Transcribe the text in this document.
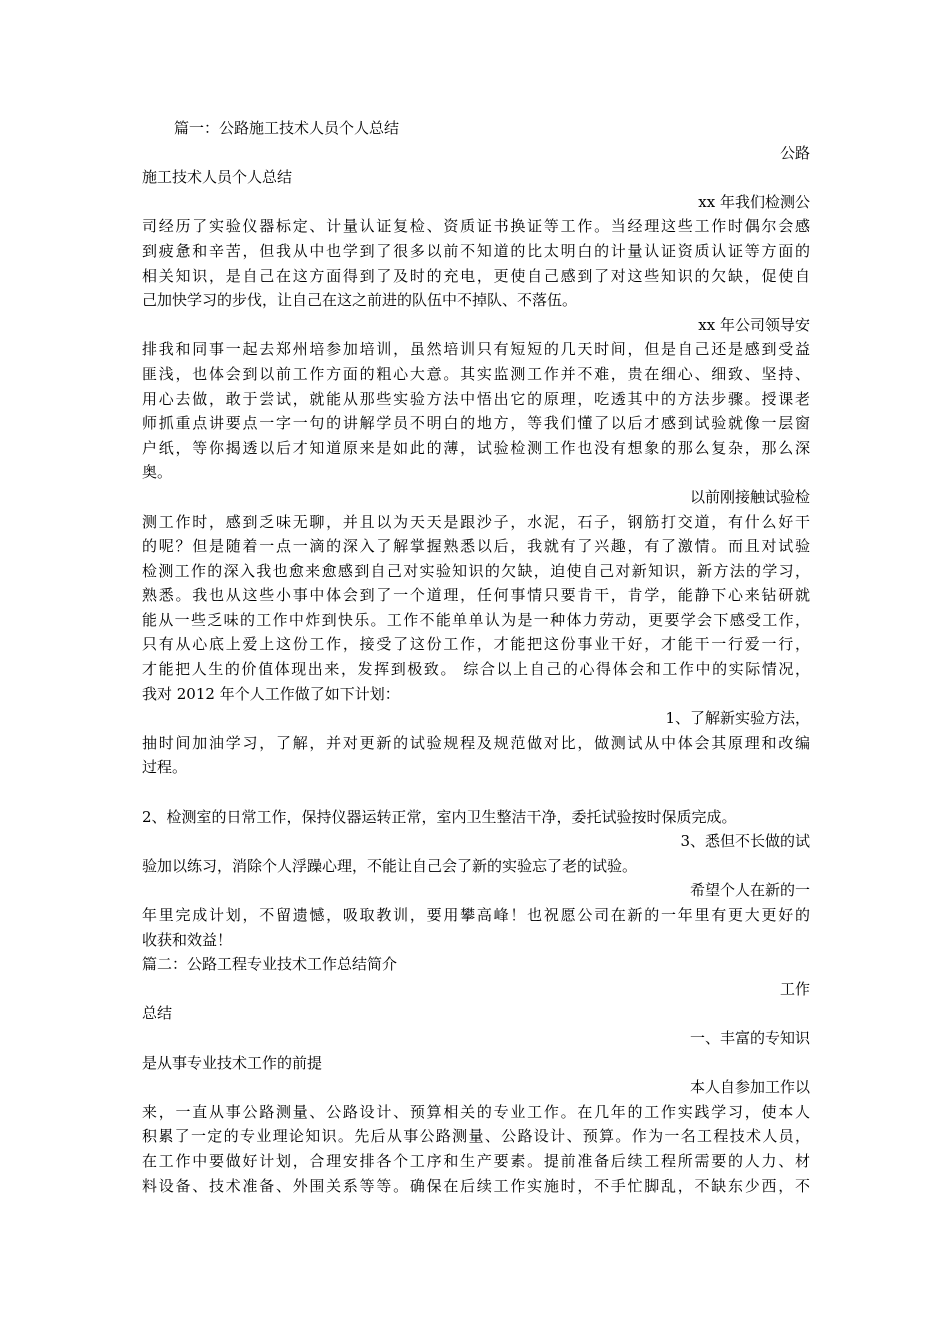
篇一：公路施工技术人员个人总结
公路
施工技术人员个人总结
xx 年我们检测公
司经历了实验仪器标定、计量认证复检、资质证书换证等工作。当经理这些工作时偶尔会感
到疲惫和辛苦，但我从中也学到了很多以前不知道的比太明白的计量认证资质认证等方面的
相关知识，是自己在这方面得到了及时的充电，更使自己感到了对这些知识的欠缺，促使自
己加快学习的步伐，让自己在这之前进的队伍中不掉队、不落伍。
xx 年公司领导安
排我和同事一起去郑州培参加培训，虽然培训只有短短的几天时间，但是自己还是感到受益
匪浅，也体会到以前工作方面的粗心大意。其实监测工作并不难，贵在细心、细致、坚持、
用心去做，敢于尝试，就能从那些实验方法中悟出它的原理，吃透其中的方法步骤。授课老
师抓重点讲要点一字一句的讲解学员不明白的地方，等我们懂了以后才感到试验就像一层窗
户纸，等你揭透以后才知道原来是如此的薄，试验检测工作也没有想象的那么复杂，那么深
奥。
以前刚接触试验检
测工作时，感到乏味无聊，并且以为天天是跟沙子，水泥，石子，钢筋打交道，有什么好干
的呢？但是随着一点一滴的深入了解掌握熟悉以后，我就有了兴趣，有了激情。而且对试验
检测工作的深入我也愈来愈感到自己对实验知识的欠缺，迫使自己对新知识，新方法的学习，
熟悉。我也从这些小事中体会到了一个道理，任何事情只要肯干，肯学，能静下心来钻研就
能从一些乏味的工作中炸到快乐。工作不能单单认为是一种体力劳动，更要学会下感受工作，
只有从心底上爱上这份工作，接受了这份工作，才能把这份事业干好，才能干一行爱一行，
才能把人生的价值体现出来，发挥到极致。 综合以上自己的心得体会和工作中的实际情况，
我对 2012 年个人工作做了如下计划：
1、了解新实验方法，
抽时间加油学习，了解，并对更新的试验规程及规范做对比，做测试从中体会其原理和改编
过程。
2、检测室的日常工作，保持仪器运转正常，室内卫生整洁干净，委托试验按时保质完成。
3、悉但不长做的试
验加以练习，消除个人浮躁心理，不能让自己会了新的实验忘了老的试验。
希望个人在新的一
年里完成计划，不留遗憾，吸取教训，要用攀高峰！也祝愿公司在新的一年里有更大更好的
收获和效益！
篇二：公路工程专业技术工作总结简介
工作
总结
一、丰富的专知识
是从事专业技术工作的前提
本人自参加工作以
来，一直从事公路测量、公路设计、预算相关的专业工作。在几年的工作实践学习，使本人
积累了一定的专业理论知识。先后从事公路测量、公路设计、预算。作为一名工程技术人员，
在工作中要做好计划，合理安排各个工序和生产要素。提前准备后续工程所需要的人力、材
料设备、技术准备、外围关系等等。确保在后续工作实施时，不手忙脚乱，不缺东少西，不
